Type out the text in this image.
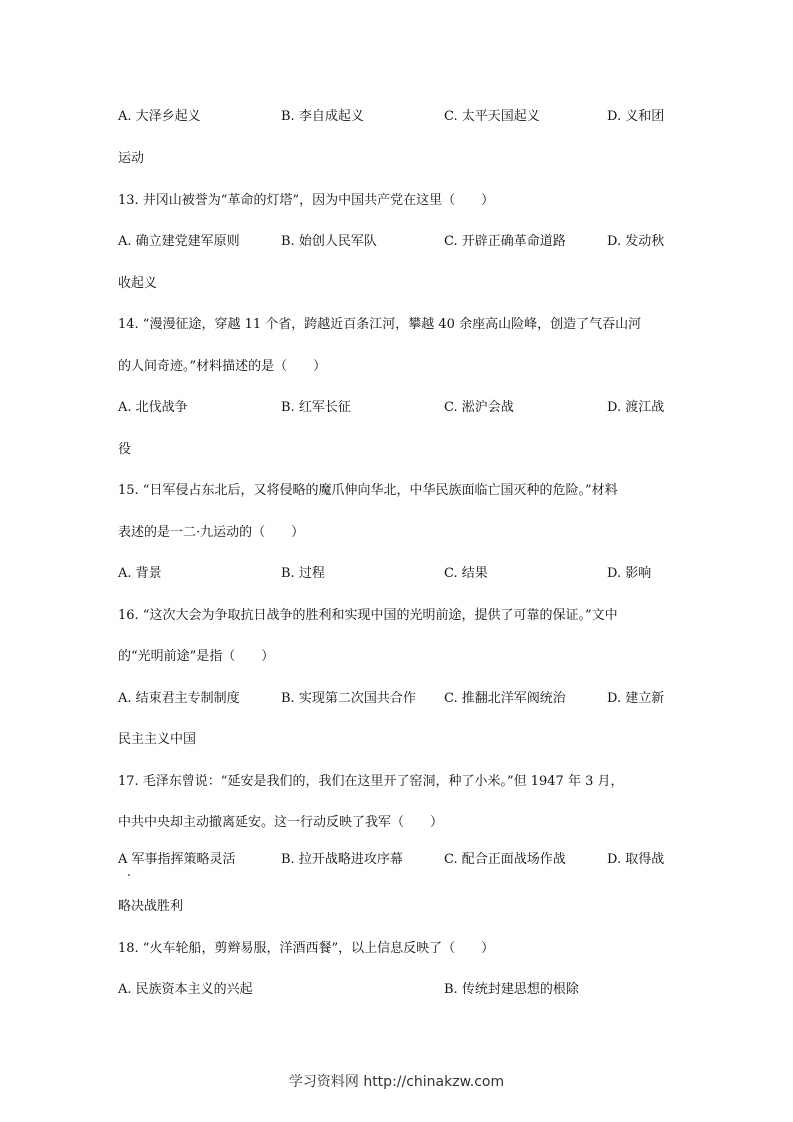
A. 大泽乡起义	B. 李自成起义	C. 太平天国起义	D. 义和团
运动
13. 井冈山被誉为“革命的灯塔”，因为中国共产党在这里（　　）
A. 确立建党建军原则	B. 始创人民军队	C. 开辟正确革命道路	D. 发动秋
收起义
14. “漫漫征途，穿越 11 个省，跨越近百条江河，攀越 40 余座高山险峰，创造了气吞山河
的人间奇迹。”材料描述的是（　　）
A. 北伐战争	B. 红军长征	C. 淞沪会战	D. 渡江战
役
15. “日军侵占东北后，又将侵略的魔爪伸向华北，中华民族面临亡国灭种的危险。”材料
表述的是一二·九运动的（　　）
A. 背景	B. 过程	C. 结果	D. 影响
16. “这次大会为争取抗日战争的胜利和实现中国的光明前途，提供了可靠的保证。”文中
的“光明前途”是指（　　）
A. 结束君主专制制度	B. 实现第二次国共合作 C. 推翻北洋军阀统治	D. 建立新
民主主义中国
17. 毛泽东曾说：“延安是我们的，我们在这里开了窑洞，种了小米。”但 1947 年 3 月，
中共中央却主动撤离延安。这一行动反映了我军（　　）
A 军事指挥策略灵活	B. 拉开战略进攻序幕	C. 配合正面战场作战	D. 取得战
略决战胜利
18. “火车轮船，剪辫易服，洋酒西餐”，以上信息反映了（　　）
A. 民族资本主义的兴起	B. 传统封建思想的根除
学习资料网 http://chinakzw.com
